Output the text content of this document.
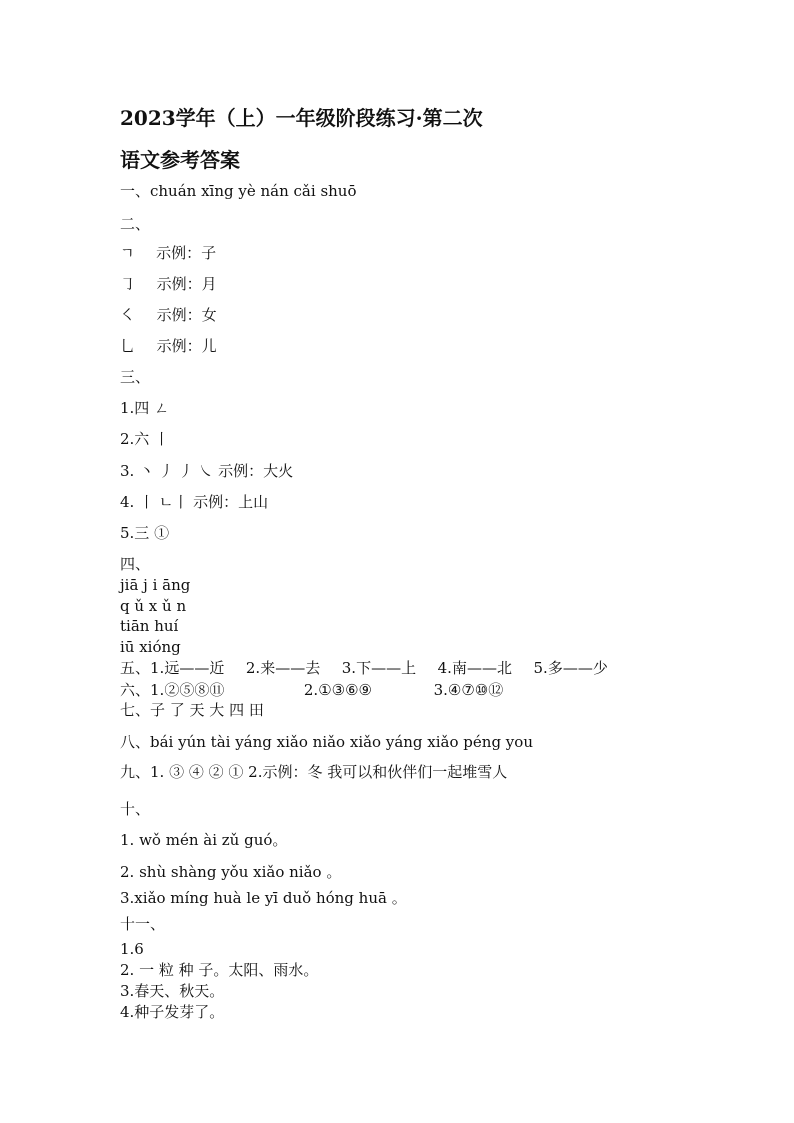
2023学年（上）一年级阶段练习·第二次
语文参考答案
一、chuán xīng yè nán cǎi shuō
二、
ㄱ 示例：子
㇆ 示例：月
㇛ 示例：女
乚 示例：儿
三、
1.四 ㄥ
2.六 丨
3. 丶 丿 丿 ㇏ 示例：大火
4. 丨 ㄴ丨 示例：上山
5.三 ①
四、
jiā j i āng
q ǔ x ǔ n
tiān huí
iū xióng
五、1.远——近 2.来——去 3.下——上 4.南——北 5.多——少
六、1.②⑤⑧⑪	2.①③⑥⑨	3.④⑦⑩⑫
七、子 了 天 大 四 田
八、bái yún tài yáng xiǎo niǎo xiǎo yáng xiǎo péng you
九、1. ③ ④ ② ① 2.示例：冬 我可以和伙伴们一起堆雪人
十、
1. wǒ mén ài zǔ guó。
2. shù shàng yǒu xiǎo niǎo 。
3.xiǎo míng huà le yī duǒ hóng huā 。
十一、
1.6
2. 一 粒 种 子。太阳、雨水。
3.春天、秋天。
4.种子发芽了。
